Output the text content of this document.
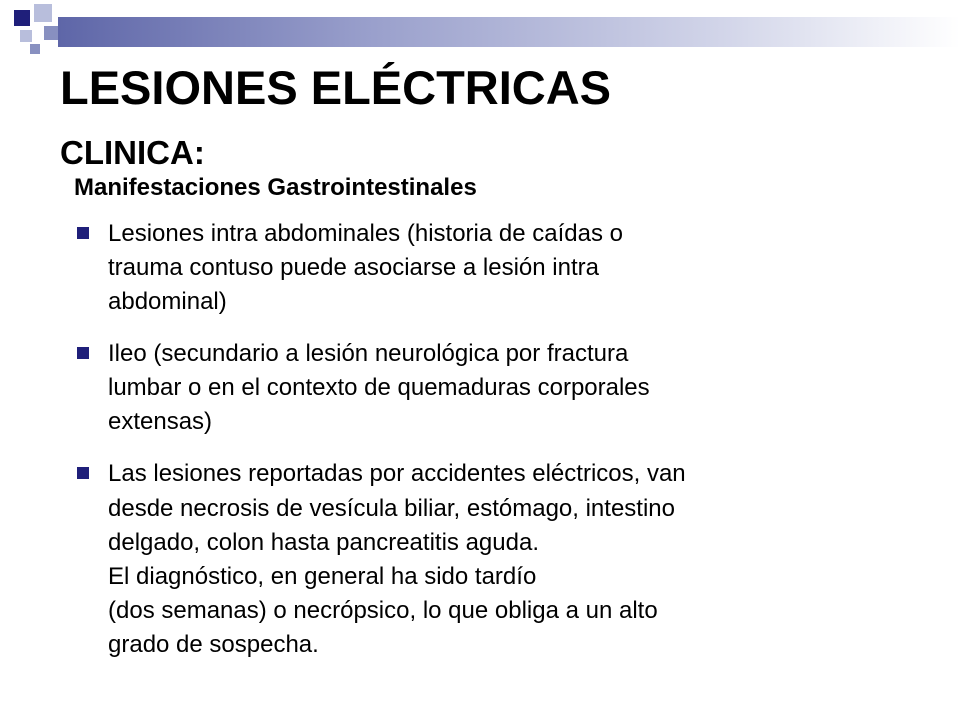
LESIONES ELÉCTRICAS
CLINICA:
Manifestaciones Gastrointestinales
Lesiones intra abdominales (historia de caídas o
trauma contuso puede asociarse a lesión intra
abdominal)
Ileo (secundario a lesión neurológica por fractura
lumbar o en el contexto de quemaduras corporales
extensas)
Las lesiones reportadas por accidentes eléctricos, van
desde necrosis de vesícula biliar, estómago, intestino
delgado, colon hasta pancreatitis aguda.
El diagnóstico, en general ha sido tardío
(dos semanas) o necrópsico, lo que obliga a un alto
grado de sospecha.
